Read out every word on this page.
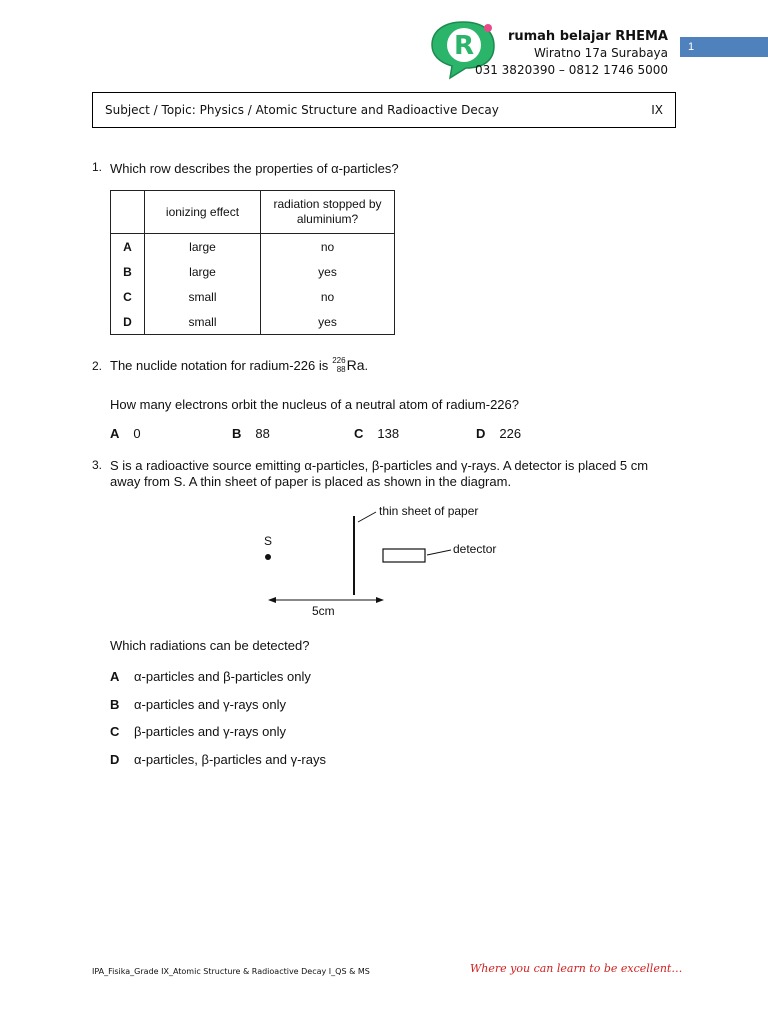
R	rumah belajar RHEMA
Wiratno 17a Surabaya
031 3820390 – 0812 1746 5000
1
Subject / Topic: Physics / Atomic Structure and Radioactive Decay	IX
1. Which row describes the properties of α-particles?
	ionizing effect	radiation stopped by aluminium?
A	large	no
B	large	yes
C	small	no
D	small	yes
2. The nuclide notation for radium-226 is 226
88 Ra .
How many electrons orbit the nucleus of a neutral atom of radium-226?
A 0	B 88	C 138	D 226
3. S is a radioactive source emitting α-particles, β-particles and γ-rays. A detector is placed 5 cm
away from S. A thin sheet of paper is placed as shown in the diagram.
S
thin sheet of paper
detector
5cm
Which radiations can be detected?
A α-particles and β-particles only
B α-particles and γ-rays only
C β-particles and γ-rays only
D α-particles, β-particles and γ-rays
IPA_Fisika_Grade IX_Atomic Structure & Radioactive Decay I_QS & MS	Where you can learn to be excellent…
